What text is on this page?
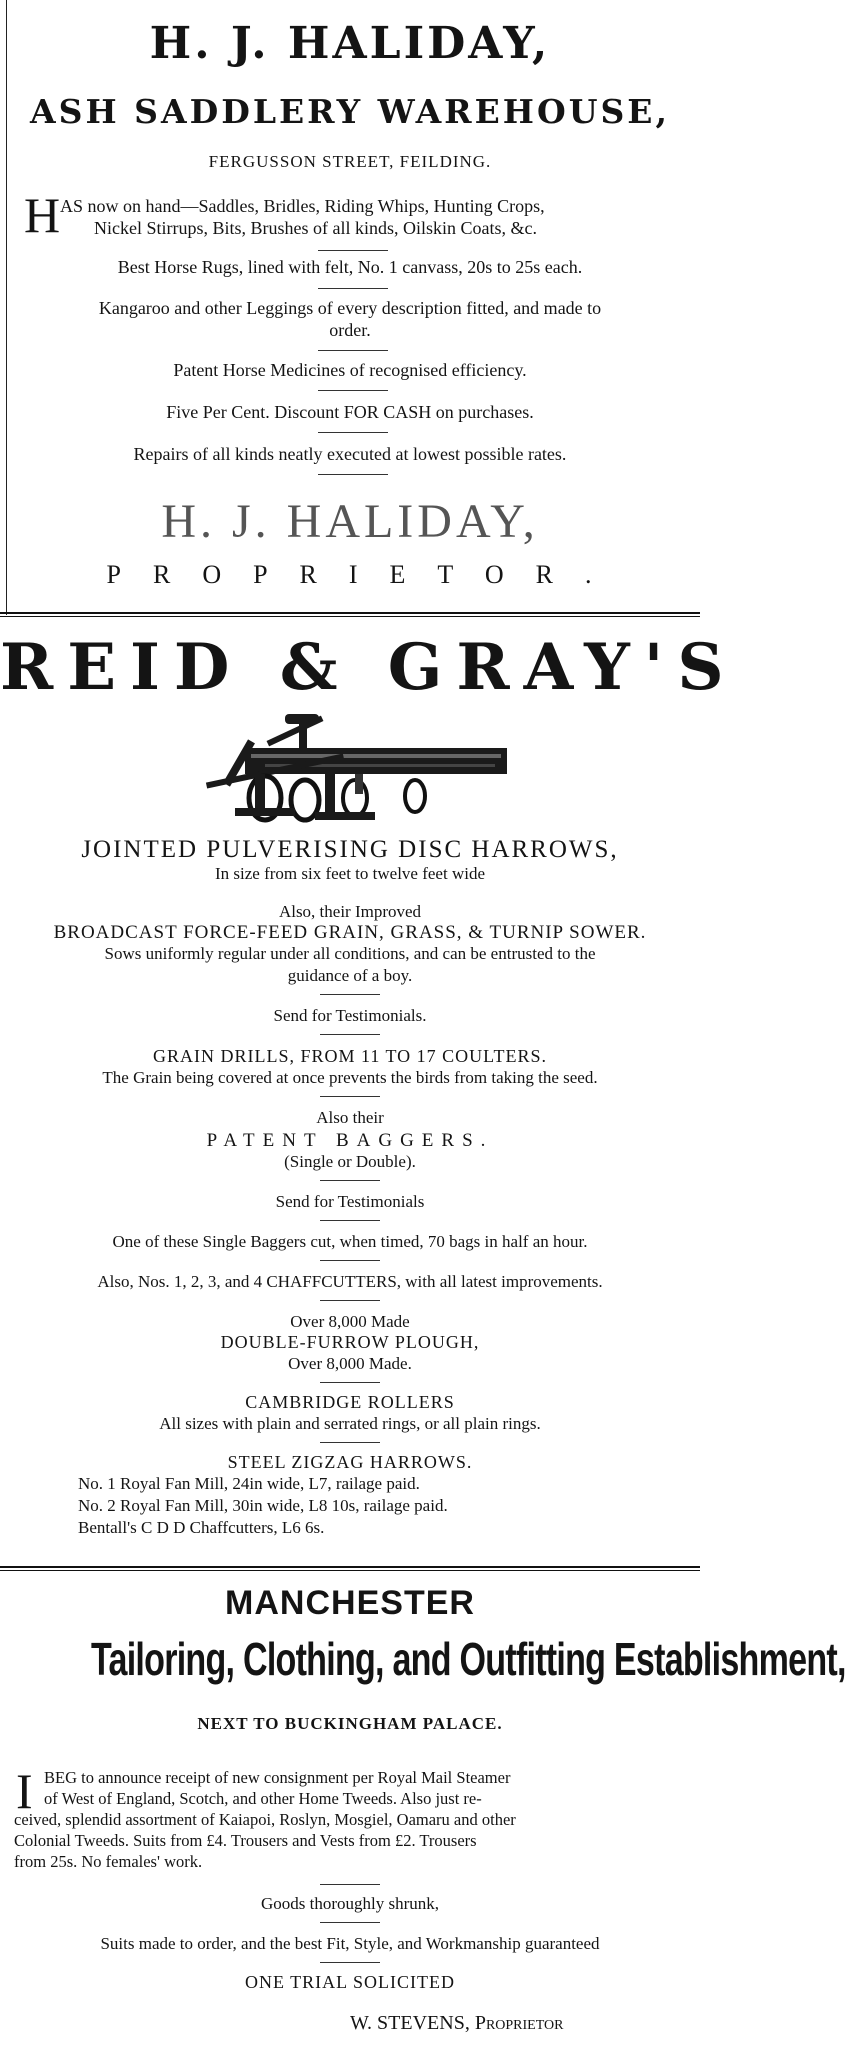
H. J. HALIDAY,
ASH SADDLERY WAREHOUSE,
FERGUSSON STREET, FEILDING.
H AS now on hand—Saddles, Bridles, Riding Whips, Hunting Crops,
Nickel Stirrups, Bits, Brushes of all kinds, Oilskin Coats, &c.
Best Horse Rugs, lined with felt, No. 1 canvass, 20s to 25s each.
Kangaroo and other Leggings of every description fitted, and made to
order.
Patent Horse Medicines of recognised efficiency.
Five Per Cent. Discount FOR CASH on purchases.
Repairs of all kinds neatly executed at lowest possible rates.
H. J. HALIDAY,
PROPRIETOR.
REID & GRAY'S
JOINTED PULVERISING DISC HARROWS,
In size from six feet to twelve feet wide
Also, their Improved
BROADCAST FORCE-FEED GRAIN, GRASS, & TURNIP SOWER.
Sows uniformly regular under all conditions, and can be entrusted to the
guidance of a boy.
Send for Testimonials.
GRAIN DRILLS, FROM 11 TO 17 COULTERS.
The Grain being covered at once prevents the birds from taking the seed.
Also their
PATENT BAGGERS.
(Single or Double).
Send for Testimonials
One of these Single Baggers cut, when timed, 70 bags in half an hour.
Also, Nos. 1, 2, 3, and 4 CHAFFCUTTERS, with all latest improvements.
Over 8,000 Made
DOUBLE-FURROW PLOUGH,
Over 8,000 Made.
CAMBRIDGE ROLLERS
All sizes with plain and serrated rings, or all plain rings.
STEEL ZIGZAG HARROWS.
No. 1 Royal Fan Mill, 24in wide, L7, railage paid.
No. 2 Royal Fan Mill, 30in wide, L8 10s, railage paid.
Bentall's C D D Chaffcutters, L6 6s.
MANCHESTER
Tailoring, Clothing, and Outfitting Establishment,
NEXT TO BUCKINGHAM PALACE.
I BEG to announce receipt of new consignment per Royal Mail Steamer
of West of England, Scotch, and other Home Tweeds. Also just re-
ceived, splendid assortment of Kaiapoi, Roslyn, Mosgiel, Oamaru and other
Colonial Tweeds. Suits from £4. Trousers and Vests from £2. Trousers
from 25s. No females' work.
Goods thoroughly shrunk,
Suits made to order, and the best Fit, Style, and Workmanship guaranteed
ONE TRIAL SOLICITED
W. STEVENS, Proprietor
